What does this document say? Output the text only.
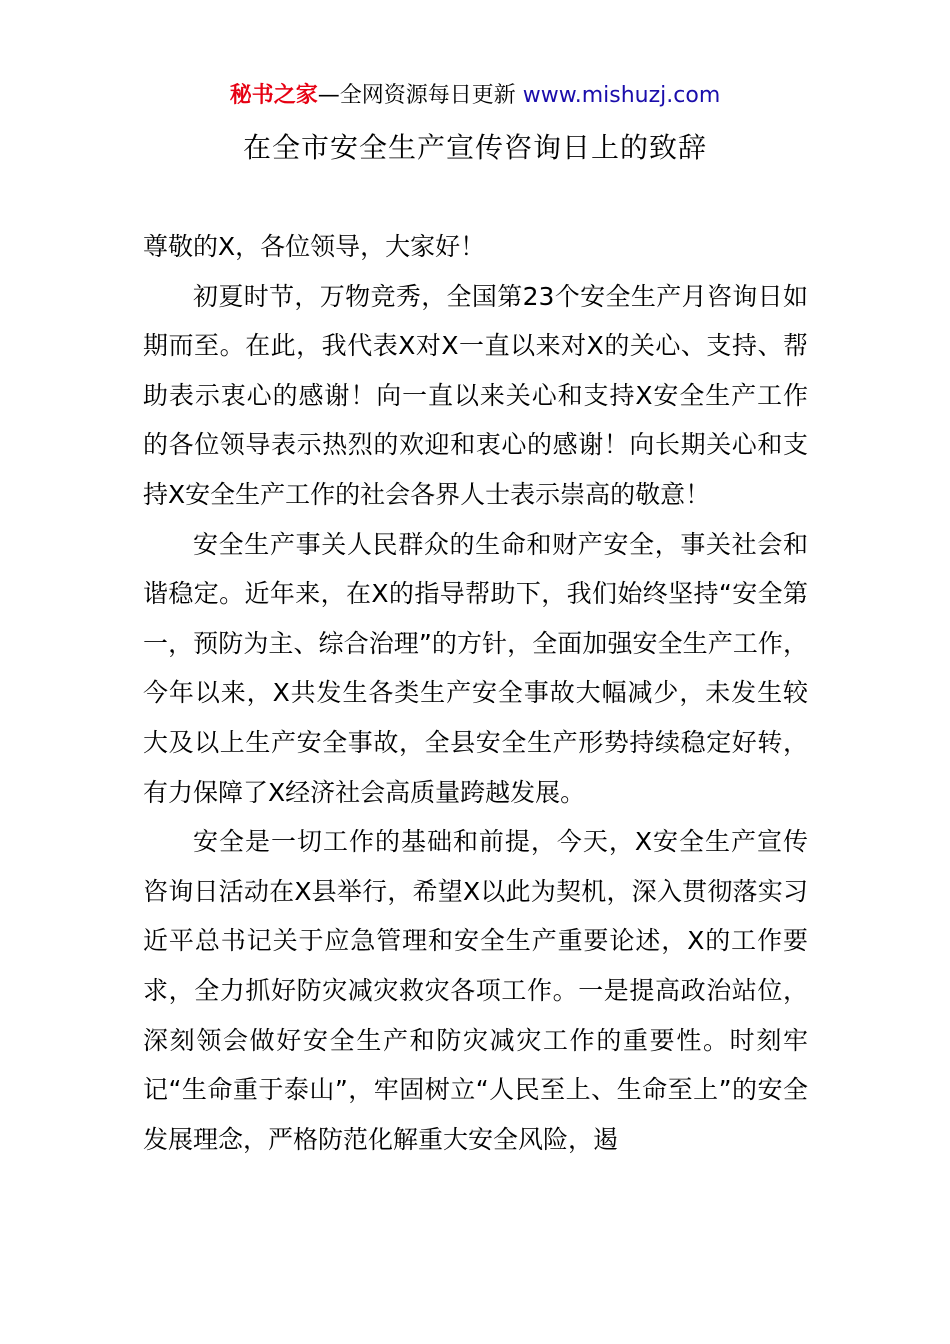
秘书之家—全网资源每日更新 www.mishuzj.com
在全市安全生产宣传咨询日上的致辞

尊敬的X，各位领导，大家好！

初夏时节，万物竞秀，全国第23个安全生产月咨询日如期而至。在此，我代表X对X一直以来对X的关心、支持、帮助表示衷心的感谢！向一直以来关心和支持X安全生产工作的各位领导表示热烈的欢迎和衷心的感谢！向长期关心和支持X安全生产工作的社会各界人士表示崇高的敬意！

安全生产事关人民群众的生命和财产安全，事关社会和谐稳定。近年来，在X的指导帮助下，我们始终坚持“安全第一，预防为主、综合治理”的方针，全面加强安全生产工作，今年以来，X共发生各类生产安全事故大幅减少，未发生较大及以上生产安全事故，全县安全生产形势持续稳定好转，有力保障了X经济社会高质量跨越发展。

安全是一切工作的基础和前提，今天，X安全生产宣传咨询日活动在X县举行，希望X以此为契机，深入贯彻落实习近平总书记关于应急管理和安全生产重要论述，X的工作要求，全力抓好防灾减灾救灾各项工作。一是提高政治站位，深刻领会做好安全生产和防灾减灾工作的重要性。时刻牢记“生命重于泰山”，牢固树立“人民至上、生命至上”的安全发展理念，严格防范化解重大安全风险，遏
